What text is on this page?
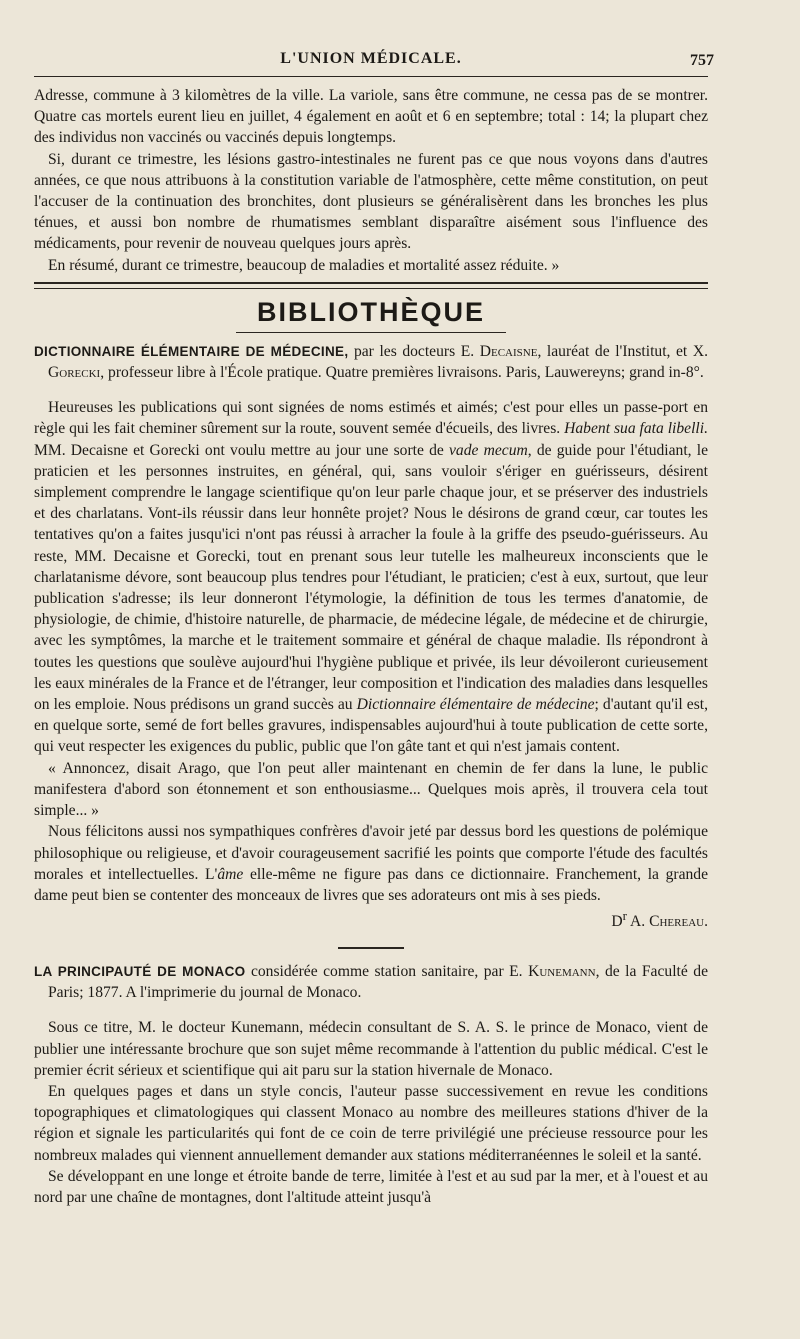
L'UNION MÉDICALE.	757

Adresse, commune à 3 kilomètres de la ville. La variole, sans être commune, ne cessa pas de se montrer. Quatre cas mortels eurent lieu en juillet, 4 également en août et 6 en septembre; total : 14; la plupart chez des individus non vaccinés ou vaccinés depuis longtemps.

Si, durant ce trimestre, les lésions gastro-intestinales ne furent pas ce que nous voyons dans d'autres années, ce que nous attribuons à la constitution variable de l'atmosphère, cette même constitution, on peut l'accuser de la continuation des bronchites, dont plusieurs se généralisèrent dans les bronches les plus ténues, et aussi bon nombre de rhumatismes semblant disparaître aisément sous l'influence des médicaments, pour revenir de nouveau quelques jours après.

En résumé, durant ce trimestre, beaucoup de maladies et mortalité assez réduite. »

BIBLIOTHÈQUE

DICTIONNAIRE ÉLÉMENTAIRE DE MÉDECINE, par les docteurs E. Decaisne, lauréat de l'Institut, et X. Gorecki, professeur libre à l'École pratique. Quatre premières livraisons. Paris, Lauwereyns; grand in-8°.

Heureuses les publications qui sont signées de noms estimés et aimés; c'est pour elles un passe-port en règle qui les fait cheminer sûrement sur la route, souvent semée d'écueils, des livres. Habent sua fata libelli. MM. Decaisne et Gorecki ont voulu mettre au jour une sorte de vade mecum, de guide pour l'étudiant, le praticien et les personnes instruites, en général, qui, sans vouloir s'ériger en guérisseurs, désirent simplement comprendre le langage scientifique qu'on leur parle chaque jour, et se préserver des industriels et des charlatans. Vont-ils réussir dans leur honnête projet? Nous le désirons de grand cœur, car toutes les tentatives qu'on a faites jusqu'ici n'ont pas réussi à arracher la foule à la griffe des pseudo-guérisseurs. Au reste, MM. Decaisne et Gorecki, tout en prenant sous leur tutelle les malheureux inconscients que le charlatanisme dévore, sont beaucoup plus tendres pour l'étudiant, le praticien; c'est à eux, surtout, que leur publication s'adresse; ils leur donneront l'étymologie, la définition de tous les termes d'anatomie, de physiologie, de chimie, d'histoire naturelle, de pharmacie, de médecine légale, de médecine et de chirurgie, avec les symptômes, la marche et le traitement sommaire et général de chaque maladie. Ils répondront à toutes les questions que soulève aujourd'hui l'hygiène publique et privée, ils leur dévoileront curieusement les eaux minérales de la France et de l'étranger, leur composition et l'indication des maladies dans lesquelles on les emploie. Nous prédisons un grand succès au Dictionnaire élémentaire de médecine; d'autant qu'il est, en quelque sorte, semé de fort belles gravures, indispensables aujourd'hui à toute publication de cette sorte, qui veut respecter les exigences du public, public que l'on gâte tant et qui n'est jamais content.

« Annoncez, disait Arago, que l'on peut aller maintenant en chemin de fer dans la lune, le public manifestera d'abord son étonnement et son enthousiasme... Quelques mois après, il trouvera cela tout simple... »

Nous félicitons aussi nos sympathiques confrères d'avoir jeté par dessus bord les questions de polémique philosophique ou religieuse, et d'avoir courageusement sacrifié les points que comporte l'étude des facultés morales et intellectuelles. L'âme elle-même ne figure pas dans ce dictionnaire. Franchement, la grande dame peut bien se contenter des monceaux de livres que ses adorateurs ont mis à ses pieds.

$D^r$ A. Chereau.

LA PRINCIPAUTÉ DE MONACO considérée comme station sanitaire, par E. Kunemann, de la Faculté de Paris; 1877. A l'imprimerie du journal de Monaco.

Sous ce titre, M. le docteur Kunemann, médecin consultant de S. A. S. le prince de Monaco, vient de publier une intéressante brochure que son sujet même recommande à l'attention du public médical. C'est le premier écrit sérieux et scientifique qui ait paru sur la station hivernale de Monaco.

En quelques pages et dans un style concis, l'auteur passe successivement en revue les conditions topographiques et climatologiques qui classent Monaco au nombre des meilleures stations d'hiver de la région et signale les particularités qui font de ce coin de terre privilégié une précieuse ressource pour les nombreux malades qui viennent annuellement demander aux stations méditerranéennes le soleil et la santé.

Se développant en une longe et étroite bande de terre, limitée à l'est et au sud par la mer, et à l'ouest et au nord par une chaîne de montagnes, dont l'altitude atteint jusqu'à
